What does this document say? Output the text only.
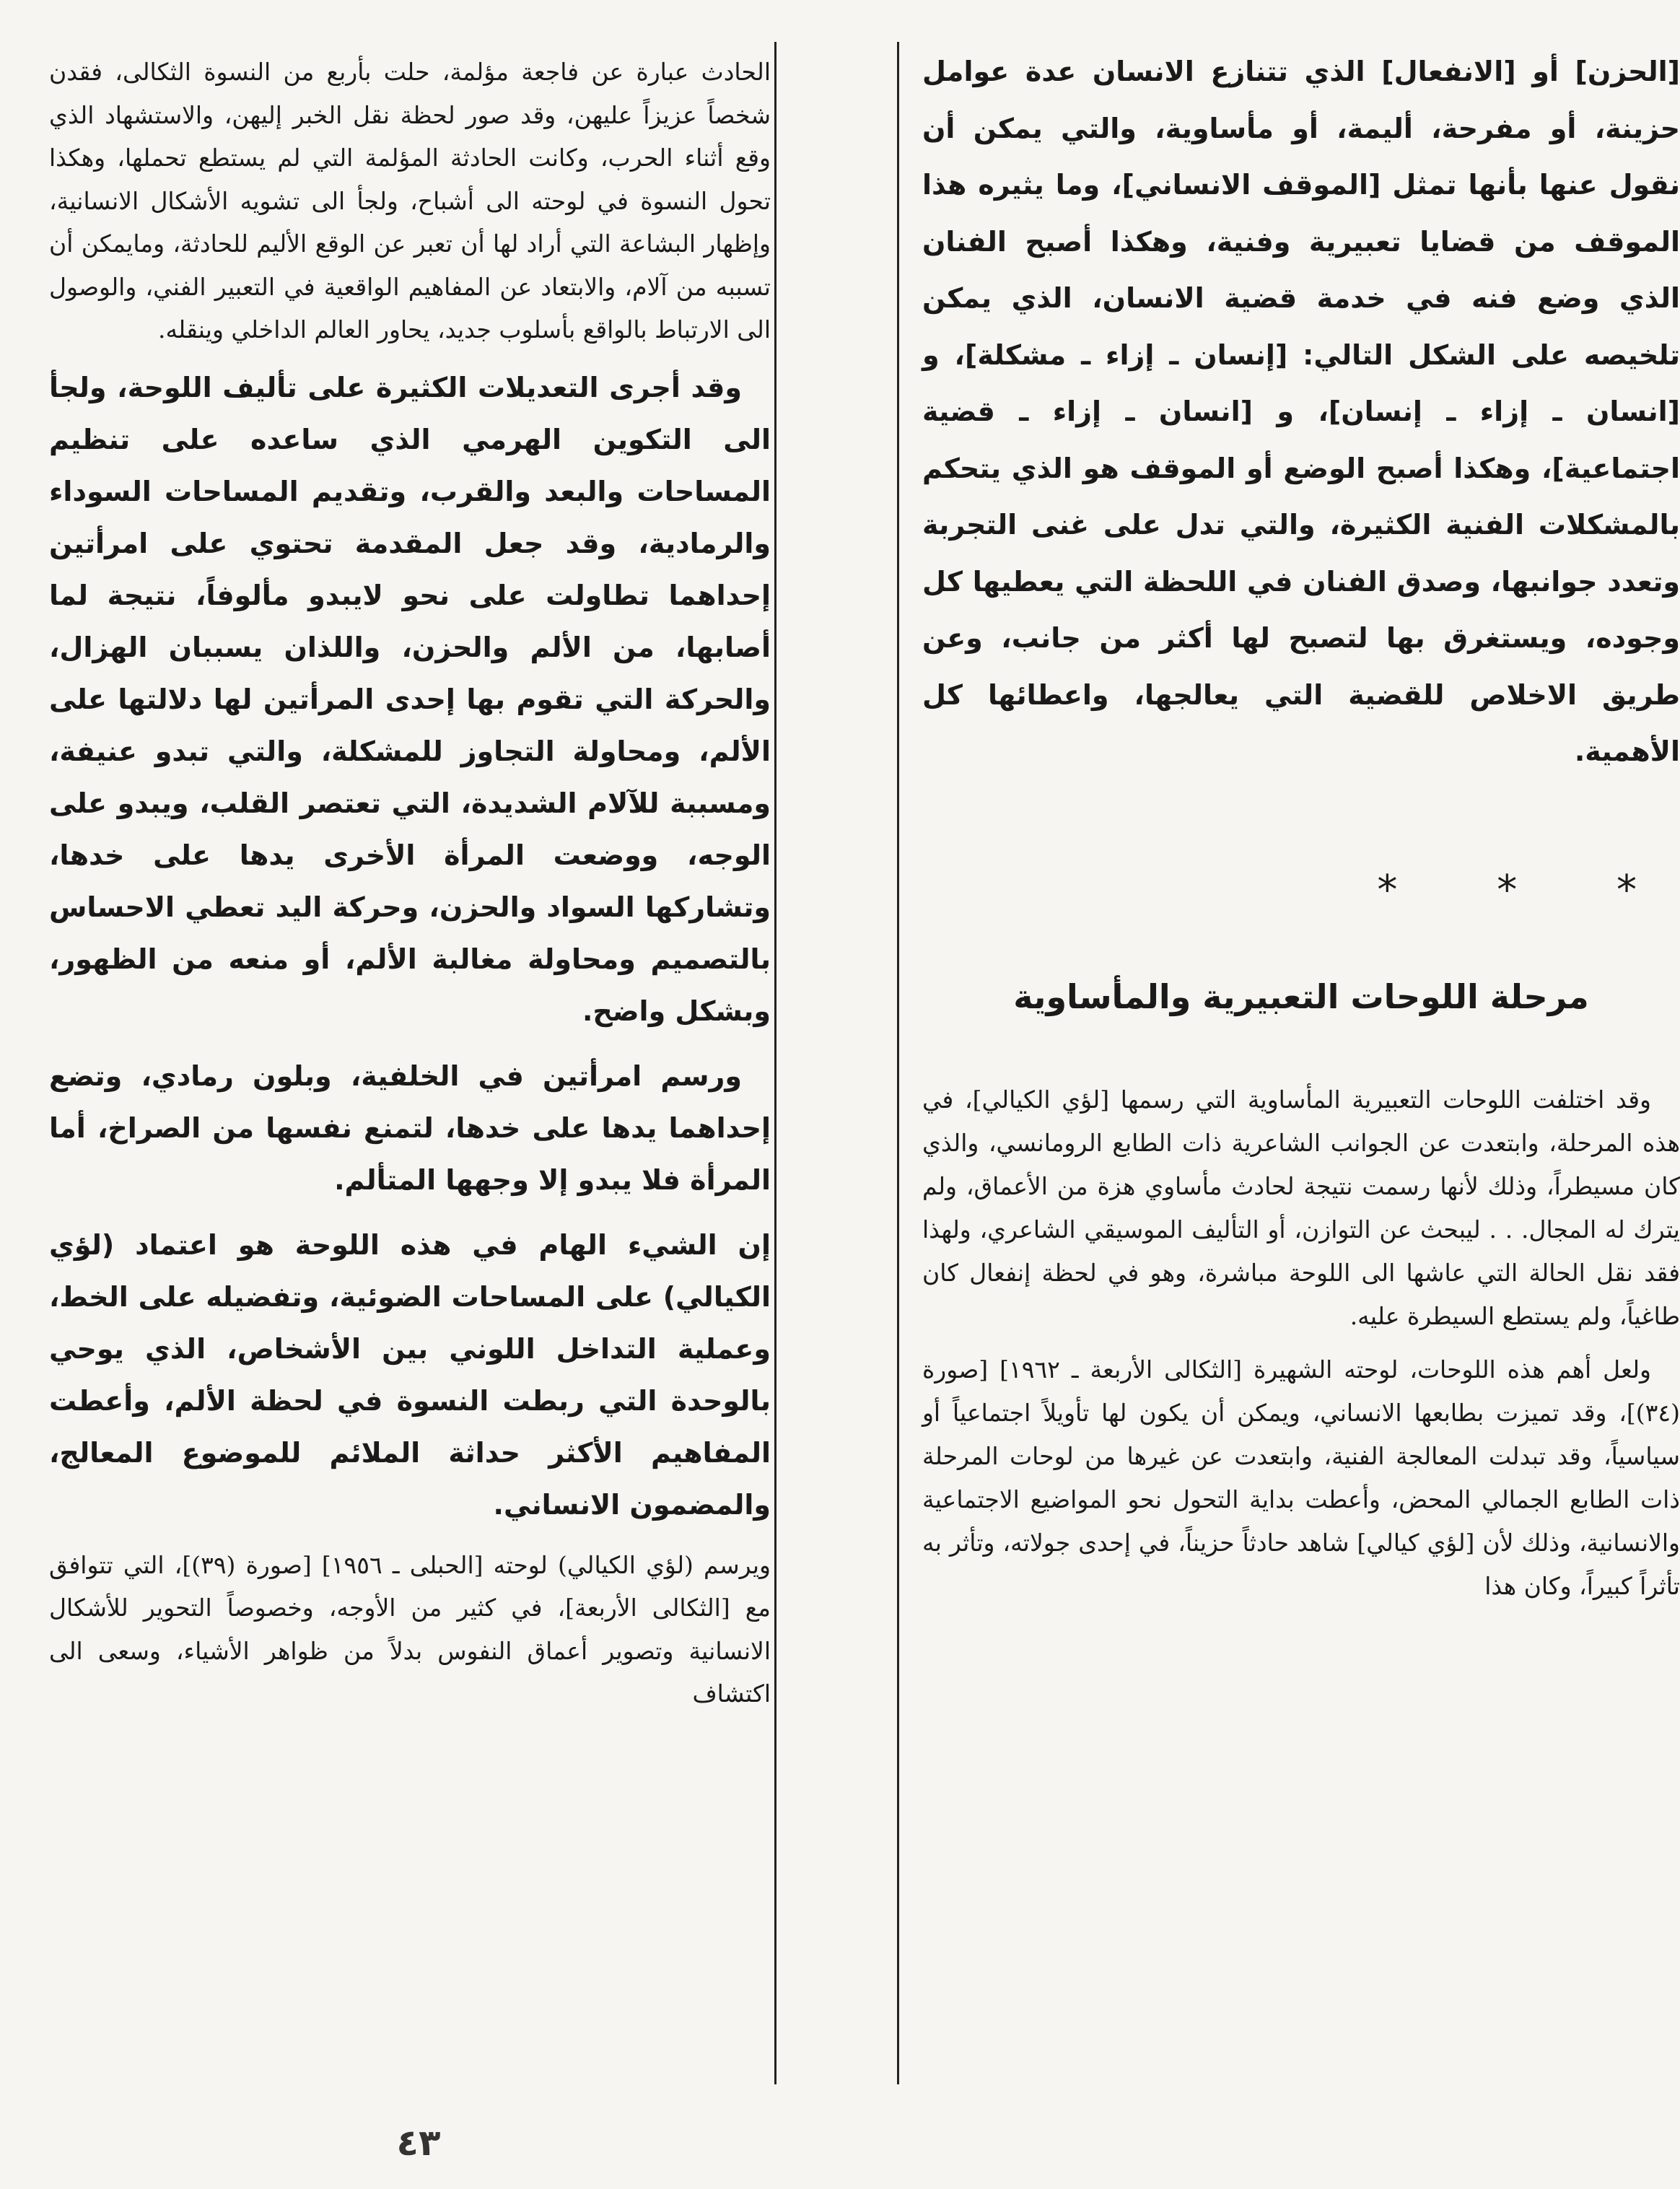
[الحزن] أو [الانفعال] الذي تتنازع الانسان عدة عوامل حزينة، أو مفرحة، أليمة، أو مأساوية، والتي يمكن أن نقول عنها بأنها تمثل [الموقف الانساني]، وما يثيره هذا الموقف من قضايا تعبيرية وفنية، وهكذا أصبح الفنان الذي وضع فنه في خدمة قضية الانسان، الذي يمكن تلخيصه على الشكل التالي: [إنسان ـ إزاء ـ مشكلة]، و [انسان ـ إزاء ـ إنسان]، و [انسان ـ إزاء ـ قضية اجتماعية]، وهكذا أصبح الوضع أو الموقف هو الذي يتحكم بالمشكلات الفنية الكثيرة، والتي تدل على غنى التجربة وتعدد جوانبها، وصدق الفنان في اللحظة التي يعطيها كل وجوده، ويستغرق بها لتصبح لها أكثر من جانب، وعن طريق الاخلاص للقضية التي يعالجها، واعطائها كل الأهمية.

* * *

مرحلة اللوحات التعبيرية والمأساوية

وقد اختلفت اللوحات التعبيرية المأساوية التي رسمها [لؤي الكيالي]، في هذه المرحلة، وابتعدت عن الجوانب الشاعرية ذات الطابع الرومانسي، والذي كان مسيطراً، وذلك لأنها رسمت نتيجة لحادث مأساوي هزة من الأعماق، ولم يترك له المجال. . . ليبحث عن التوازن، أو التأليف الموسيقي الشاعري، ولهذا فقد نقل الحالة التي عاشها الى اللوحة مباشرة، وهو في لحظة إنفعال كان طاغياً، ولم يستطع السيطرة عليه.

ولعل أهم هذه اللوحات، لوحته الشهيرة [الثكالى الأربعة ـ ١٩٦٢] [صورة (٣٤)]، وقد تميزت بطابعها الانساني، ويمكن أن يكون لها تأويلاً اجتماعياً أو سياسياً، وقد تبدلت المعالجة الفنية، وابتعدت عن غيرها من لوحات المرحلة ذات الطابع الجمالي المحض، وأعطت بداية التحول نحو المواضيع الاجتماعية والانسانية، وذلك لأن [لؤي كيالي] شاهد حادثاً حزيناً، في إحدى جولاته، وتأثر به تأثراً كبيراً، وكان هذا

الحادث عبارة عن فاجعة مؤلمة، حلت بأربع من النسوة الثكالى، فقدن شخصاً عزيزاً عليهن، وقد صور لحظة نقل الخبر إليهن، والاستشهاد الذي وقع أثناء الحرب، وكانت الحادثة المؤلمة التي لم يستطع تحملها، وهكذا تحول النسوة في لوحته الى أشباح، ولجأ الى تشويه الأشكال الانسانية، وإظهار البشاعة التي أراد لها أن تعبر عن الوقع الأليم للحادثة، ومايمكن أن تسببه من آلام، والابتعاد عن المفاهيم الواقعية في التعبير الفني، والوصول الى الارتباط بالواقع بأسلوب جديد، يحاور العالم الداخلي وينقله.

وقد أجرى التعديلات الكثيرة على تأليف اللوحة، ولجأ الى التكوين الهرمي الذي ساعده على تنظيم المساحات والبعد والقرب، وتقديم المساحات السوداء والرمادية، وقد جعل المقدمة تحتوي على امرأتين إحداهما تطاولت على نحو لايبدو مألوفاً، نتيجة لما أصابها، من الألم والحزن، واللذان يسببان الهزال، والحركة التي تقوم بها إحدى المرأتين لها دلالتها على الألم، ومحاولة التجاوز للمشكلة، والتي تبدو عنيفة، ومسببة للآلام الشديدة، التي تعتصر القلب، ويبدو على الوجه، ووضعت المرأة الأخرى يدها على خدها، وتشاركها السواد والحزن، وحركة اليد تعطي الاحساس بالتصميم ومحاولة مغالبة الألم، أو منعه من الظهور، وبشكل واضح.

ورسم امرأتين في الخلفية، وبلون رمادي، وتضع إحداهما يدها على خدها، لتمنع نفسها من الصراخ، أما المرأة فلا يبدو إلا وجهها المتألم.

إن الشيء الهام في هذه اللوحة هو اعتماد (لؤي الكيالي) على المساحات الضوئية، وتفضيله على الخط، وعملية التداخل اللوني بين الأشخاص، الذي يوحي بالوحدة التي ربطت النسوة في لحظة الألم، وأعطت المفاهيم الأكثر حداثة الملائم للموضوع المعالج، والمضمون الانساني.

ويرسم (لؤي الكيالي) لوحته [الحبلى ـ ١٩٥٦] [صورة (٣٩)]، التي تتوافق مع [الثكالى الأربعة]، في كثير من الأوجه، وخصوصاً التحوير للأشكال الانسانية وتصوير أعماق النفوس بدلاً من ظواهر الأشياء، وسعى الى اكتشاف

٤٣
